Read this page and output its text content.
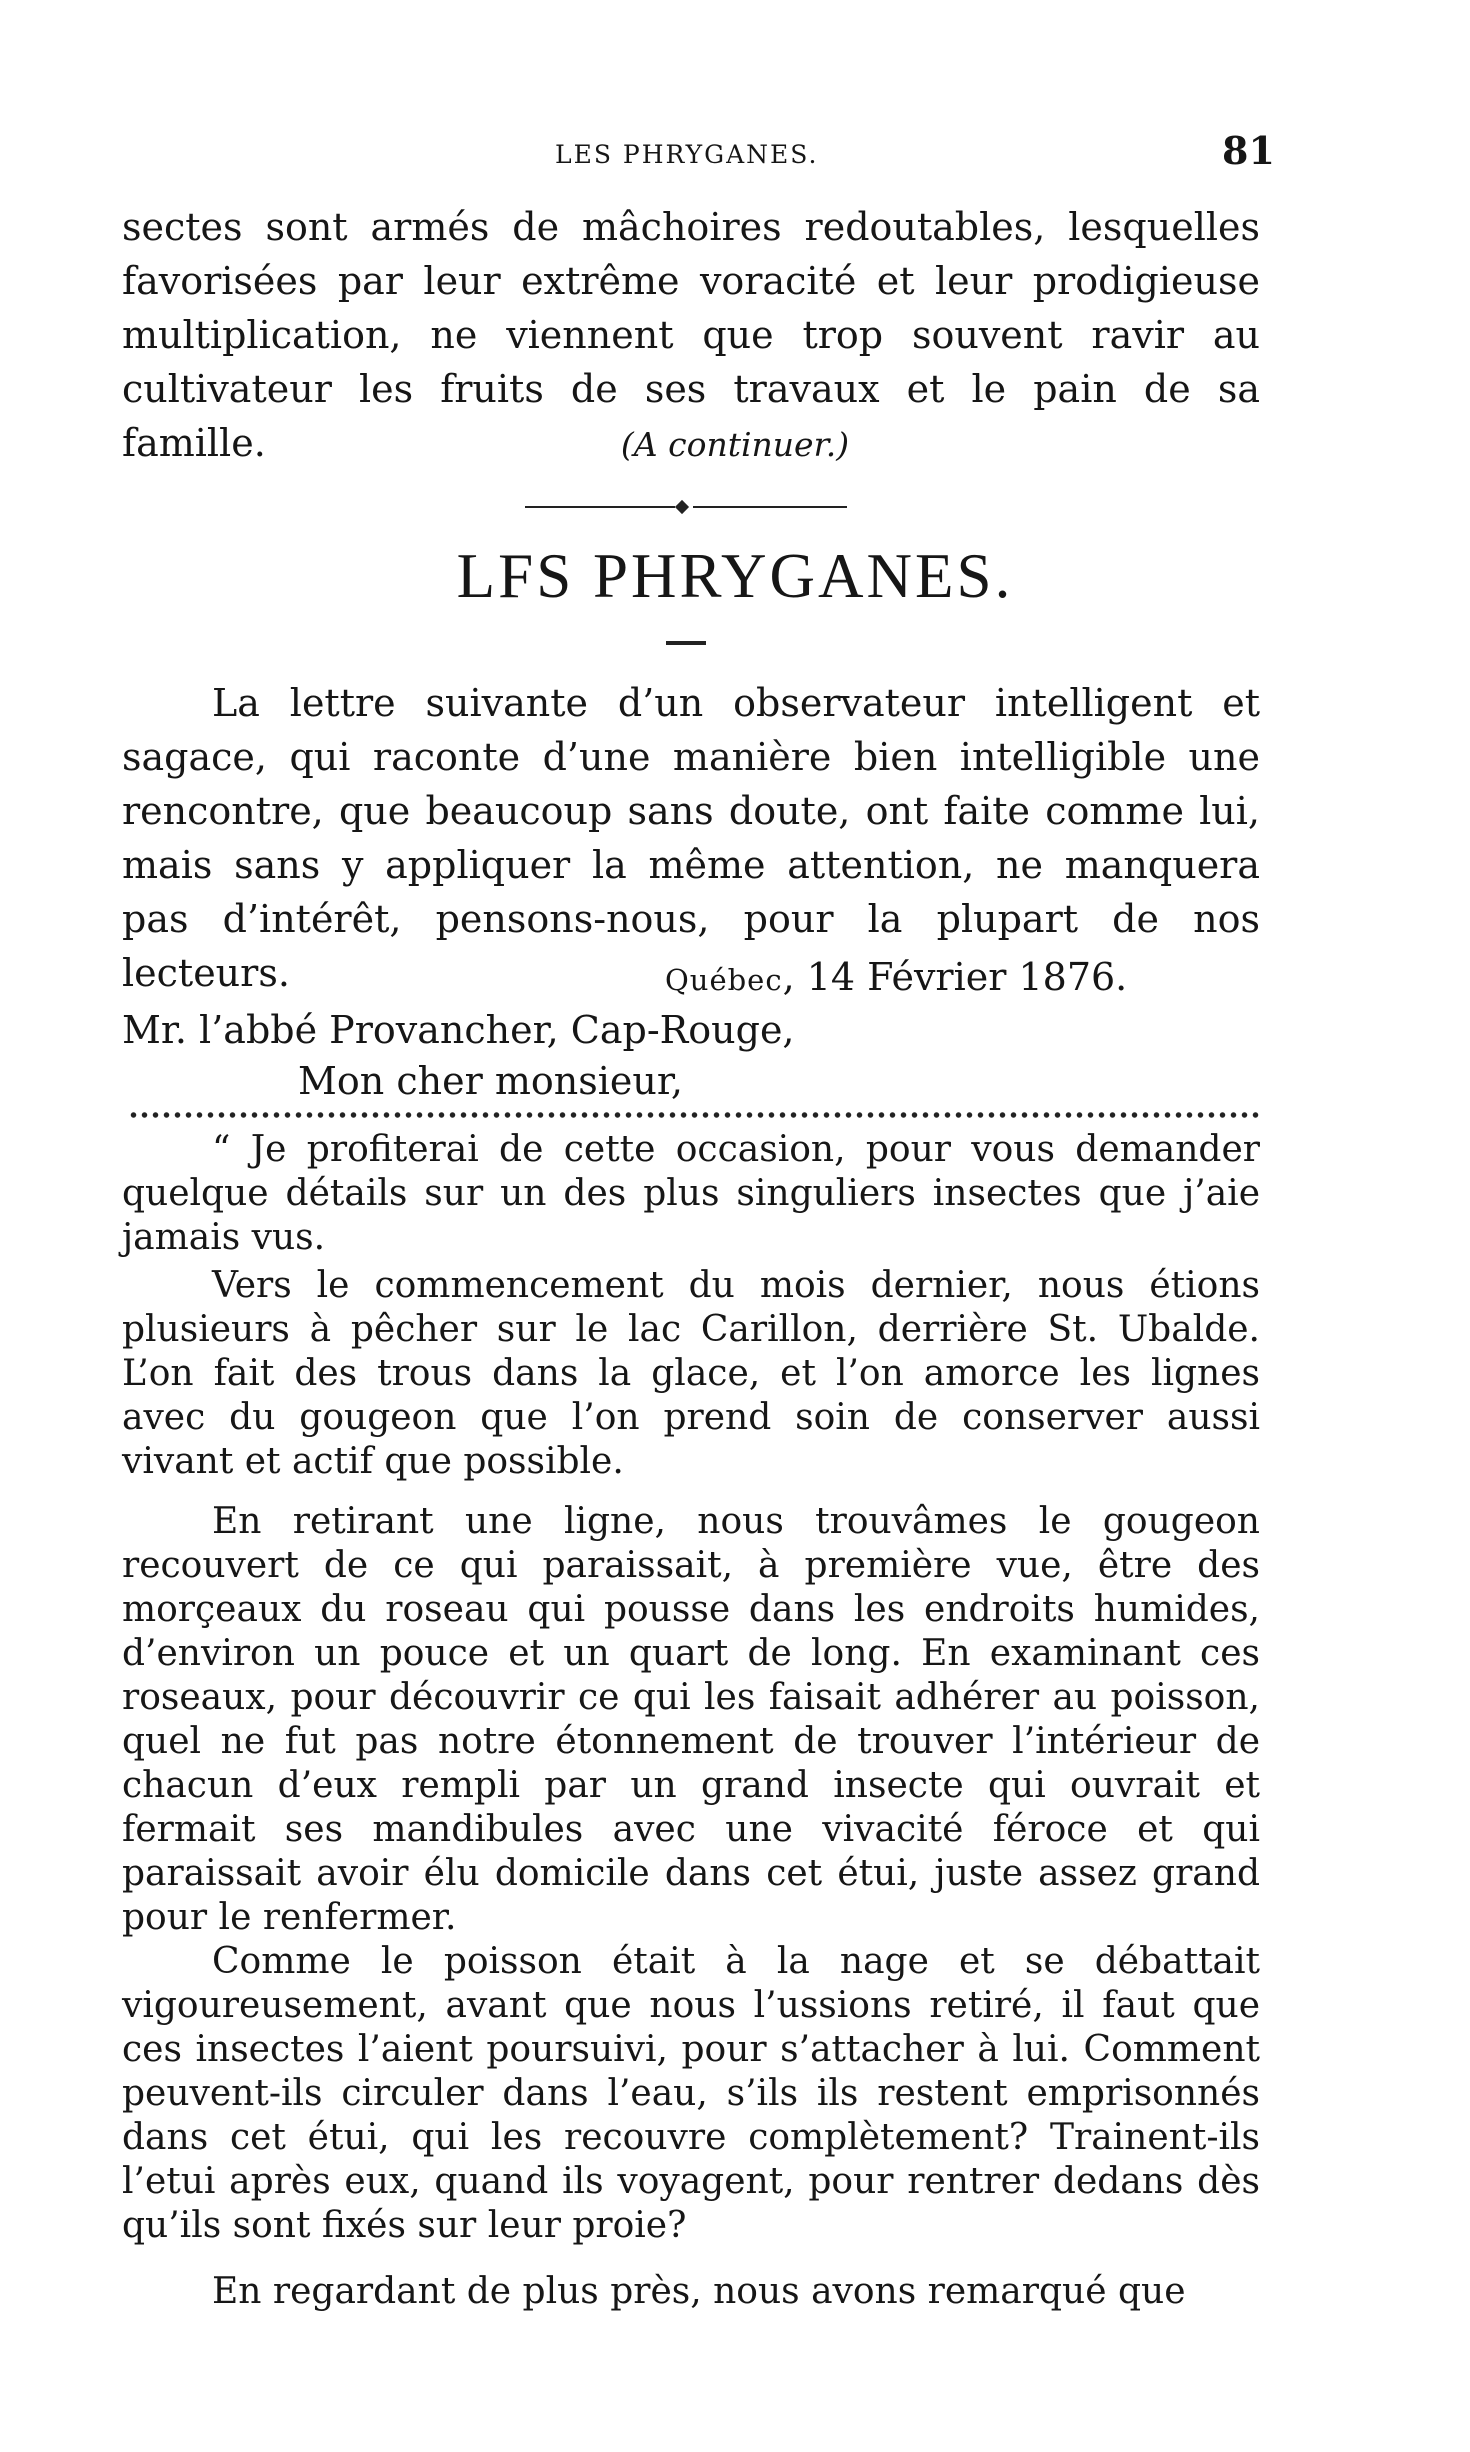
LES PHRYGANES.	81

sectes sont armés de mâchoires redoutables, lesquelles favorisées par leur extrême voracité et leur prodigieuse multiplication, ne viennent que trop souvent ravir au cultivateur les fruits de ses travaux et le pain de sa famille.	(A continuer.)
LFS PHRYGANES.

La lettre suivante d’un observateur intelligent et sagace, qui raconte d’une manière bien intelligible une rencontre, que beaucoup sans doute, ont faite comme lui, mais sans y appliquer la même attention, ne manquera pas d’intérêt, pensons-nous, pour la plupart de nos lecteurs.	Québec, 14 Février 1876.
Mr. l’abbé Provancher, Cap-Rouge,
Mon cher monsieur,

“ Je profiterai de cette occasion, pour vous demander quelque détails sur un des plus singuliers insectes que j’aie jamais vus.

Vers le commencement du mois dernier, nous étions plusieurs à pêcher sur le lac Carillon, derrière St. Ubalde. L’on fait des trous dans la glace, et l’on amorce les lignes avec du gougeon que l’on prend soin de conserver aussi vivant et actif que possible.

En retirant une ligne, nous trouvâmes le gougeon recouvert de ce qui paraissait, à première vue, être des morçeaux du roseau qui pousse dans les endroits humides, d’environ un pouce et un quart de long. En examinant ces roseaux, pour découvrir ce qui les faisait adhérer au poisson, quel ne fut pas notre étonnement de trouver l’intérieur de chacun d’eux rempli par un grand insecte qui ouvrait et fermait ses mandibules avec une vivacité féroce et qui paraissait avoir élu domicile dans cet étui, juste assez grand pour le renfermer.

Comme le poisson était à la nage et se débattait vigoureusement, avant que nous l’ussions retiré, il faut que ces insectes l’aient poursuivi, pour s’attacher à lui. Comment peuvent-ils circuler dans l’eau, s’ils ils restent emprisonnés dans cet étui, qui les recouvre complètement? Trainent-ils l’etui après eux, quand ils voyagent, pour rentrer dedans dès qu’ils sont fixés sur leur proie?

En regardant de plus près, nous avons remarqué que
